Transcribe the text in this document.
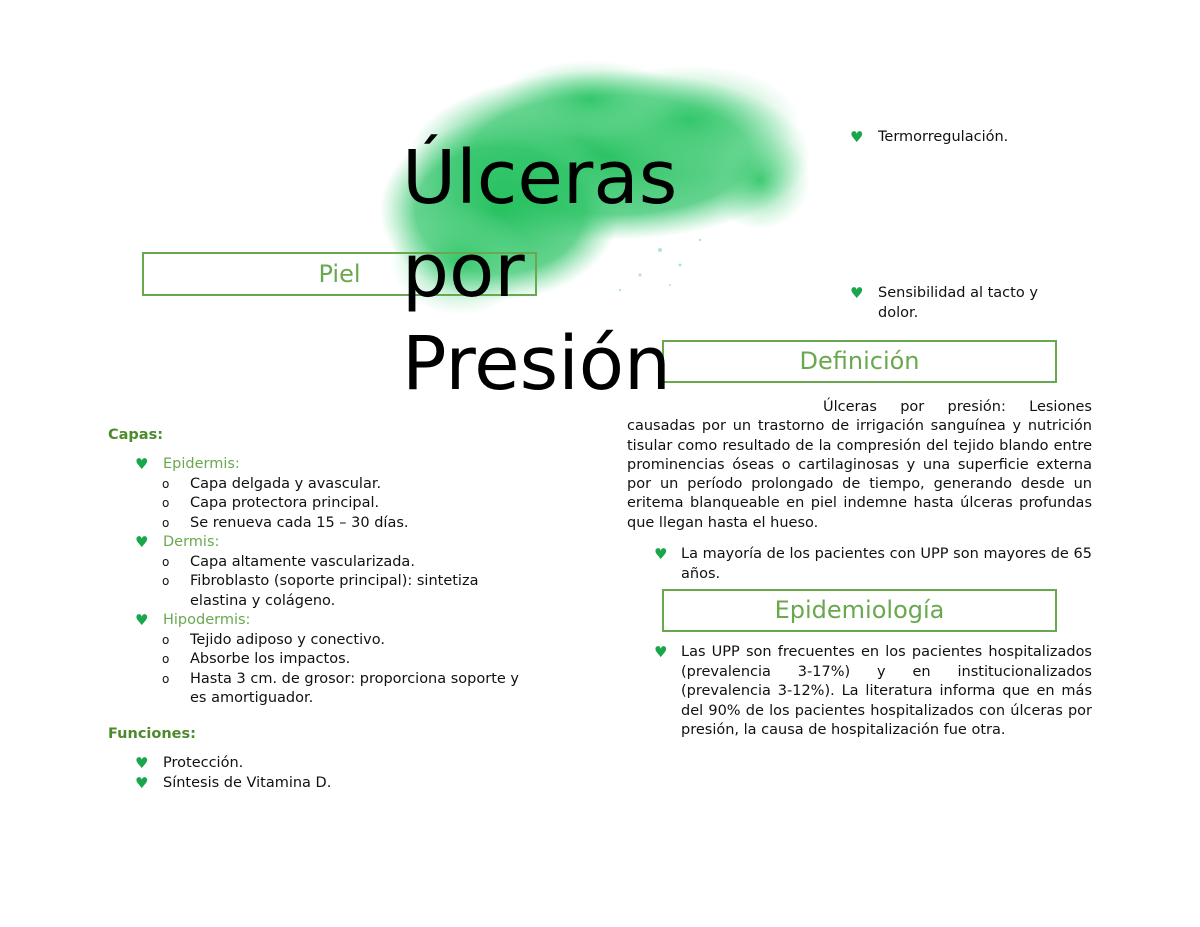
Úlceras
por
Presión
Piel
Definición
Epidemiología
♥ Termorregulación.
♥ Sensibilidad al tacto y dolor.
Capas:
♥ Epidermis:
o Capa delgada y avascular.
o Capa protectora principal.
o Se renueva cada 15 – 30 días.
♥ Dermis:
o Capa altamente vascularizada.
o Fibroblasto (soporte principal): sintetiza elastina y colágeno.
♥ Hipodermis:
o Tejido adiposo y conectivo.
o Absorbe los impactos.
o Hasta 3 cm. de grosor: proporciona soporte y es amortiguador.
Funciones:
♥ Protección.
♥ Síntesis de Vitamina D.
Úlceras por presión: Lesiones causadas por un trastorno de irrigación sanguínea y nutrición tisular como resultado de la compresión del tejido blando entre prominencias óseas o cartilaginosas y una superficie externa por un período prolongado de tiempo, generando desde un eritema blanqueable en piel indemne hasta úlceras profundas que llegan hasta el hueso.
♥ La mayoría de los pacientes con UPP son mayores de 65 años.
♥ Las UPP son frecuentes en los pacientes hospitalizados (prevalencia 3-17%) y en institucionalizados (prevalencia 3-12%). La literatura informa que en más del 90% de los pacientes hospitalizados con úlceras por presión, la causa de hospitalización fue otra.
